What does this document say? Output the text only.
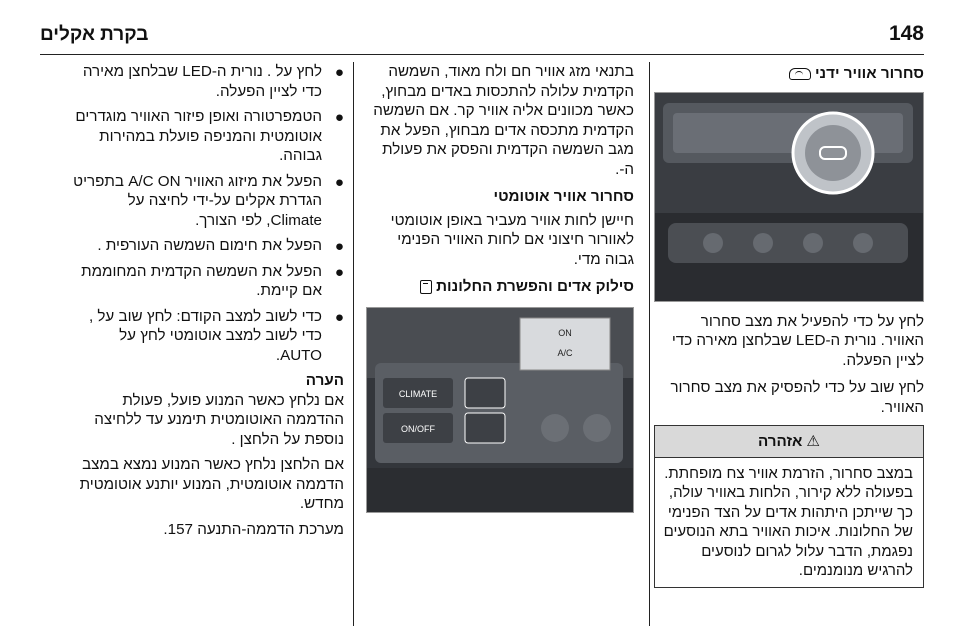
148
בקרת אקלים
סחרור אוויר ידני

לחץ על כדי להפעיל את מצב סחרור האוויר. נורית ה-LED שבלחצן מאירה כדי לציין הפעלה.

לחץ שוב על כדי להפסיק את מצב סחרור האוויר.

⚠
אזהרה
במצב סחרור, הזרמת אוויר צח מופחתת. בפעולה ללא קירור, הלחות באוויר עולה, כך שייתכן היתהות אדים על הצד הפנימי של החלונות. איכות האוויר בתא הנוסעים נפגמת, הדבר עלול לגרום לנוסעים להרגיש מנומנמים.

בתנאי מזג אוויר חם ולח מאוד, השמשה הקדמית עלולה להתכסות באדים מבחוץ, כאשר מכוונים אליה אוויר קר. אם השמשה הקדמית מתכסה אדים מבחוץ, הפעל את מגב השמשה הקדמית והפסק את פעולת ה-.

סחרור אוויר אוטומטי

חיישן לחות אוויר מעביר באופן אוטומטי לאוורור חיצוני אם לחות האוויר הפנימי גבוה מדי.

סילוק אדים והפשרת החלונות
CLIMATE
ON/OFF
ON
A/C
●
לחץ על . נורית ה-LED שבלחצן מאירה כדי לציין הפעלה.
●
הטמפרטורה ואופן פיזור האוויר מוגדרים אוטומטית והמניפה פועלת במהירות גבוהה.
●
הפעל את מיזוג האוויר A/C ON בתפריט הגדרת אקלים על-ידי לחיצה על Climate, לפי הצורך.
●
הפעל את חימום השמשה העורפית .
●
הפעל את השמשה הקדמית המחוממת אם קיימת.
●
כדי לשוב למצב הקודם: לחץ שוב על , כדי לשוב למצב אוטומטי לחץ על AUTO.
הערה

אם נלחץ כאשר המנוע פועל, פעולת ההדממה האוטומטית תימנע עד ללחיצה נוספת על הלחצן .

אם הלחצן נלחץ כאשר המנוע נמצא במצב הדממה אוטומטית, המנוע יותנע אוטומטית מחדש.

מערכת הדממה-התנעה 157.
